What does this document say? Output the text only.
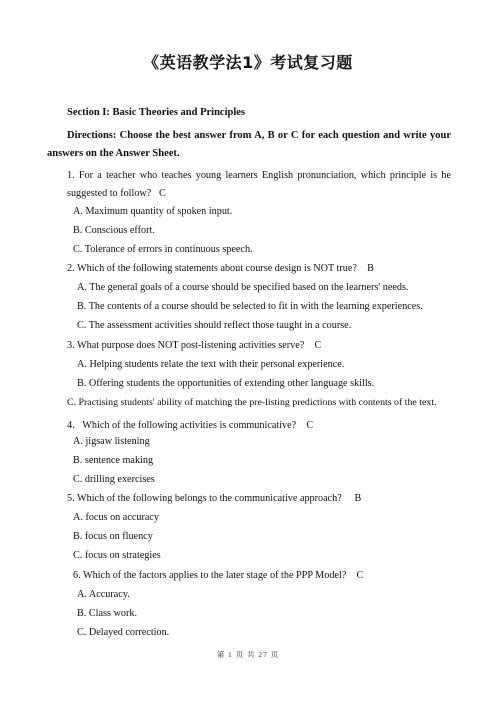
《英语教学法1》考试复习题
Section I: Basic Theories and Principles
Directions: Choose the best answer from A, B or C for each question and write your answers on the Answer Sheet.
1. For a teacher who teaches young learners English pronunciation, which principle is he suggested to follow? C
A. Maximum quantity of spoken input.
B. Conscious effort.
C. Tolerance of errors in continuous speech.
2. Which of the following statements about course design is NOT true? B
A. The general goals of a course should be specified based on the learners' needs.
B. The contents of a course should be selected to fit in with the learning experiences.
C. The assessment activities should reflect those taught in a course.
3. What purpose does NOT post-listening activities serve? C
A. Helping students relate the text with their personal experience.
B. Offering students the opportunities of extending other language skills.
C. Practising students' ability of matching the pre-listing predictions with contents of the text.
4．Which of the following activities is communicative? C
A. jigsaw listening
B. sentence making
C. drilling exercises
5. Which of the following belongs to the communicative approach? B
A. focus on accuracy
B. focus on fluency
C. focus on strategies
6. Which of the factors applies to the later stage of the PPP Model? C
A. Accuracy.
B. Class work.
C. Delayed correction.
第 1 页 共 27 页
